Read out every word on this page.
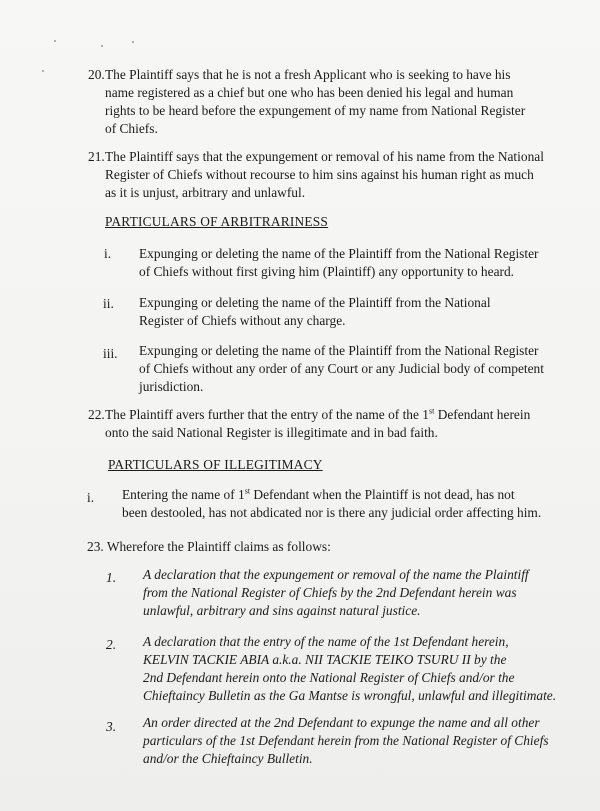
20. The Plaintiff says that he is not a fresh Applicant who is seeking to have his
name registered as a chief but one who has been denied his legal and human
rights to be heard before the expungement of my name from National Register
of Chiefs.
21. The Plaintiff says that the expungement or removal of his name from the National
Register of Chiefs without recourse to him sins against his human right as much
as it is unjust, arbitrary and unlawful.
PARTICULARS OF ARBITRARINESS
i. Expunging or deleting the name of the Plaintiff from the National Register
of Chiefs without first giving him (Plaintiff) any opportunity to heard.
ii. Expunging or deleting the name of the Plaintiff from the National
Register of Chiefs without any charge.
iii. Expunging or deleting the name of the Plaintiff from the National Register
of Chiefs without any order of any Court or any Judicial body of competent
jurisdiction.
22. The Plaintiff avers further that the entry of the name of the 1st Defendant herein
onto the said National Register is illegitimate and in bad faith.
PARTICULARS OF ILLEGITIMACY
i. Entering the name of 1st Defendant when the Plaintiff is not dead, has not
been destooled, has not abdicated nor is there any judicial order affecting him.
23. Wherefore the Plaintiff claims as follows:
1. A declaration that the expungement or removal of the name the Plaintiff
from the National Register of Chiefs by the 2nd Defendant herein was
unlawful, arbitrary and sins against natural justice.
2. A declaration that the entry of the name of the 1st Defendant herein,
KELVIN TACKIE ABIA a.k.a. NII TACKIE TEIKO TSURU II by the
2nd Defendant herein onto the National Register of Chiefs and/or the
Chieftaincy Bulletin as the Ga Mantse is wrongful, unlawful and illegitimate.
3. An order directed at the 2nd Defendant to expunge the name and all other
particulars of the 1st Defendant herein from the National Register of Chiefs
and/or the Chieftaincy Bulletin.
